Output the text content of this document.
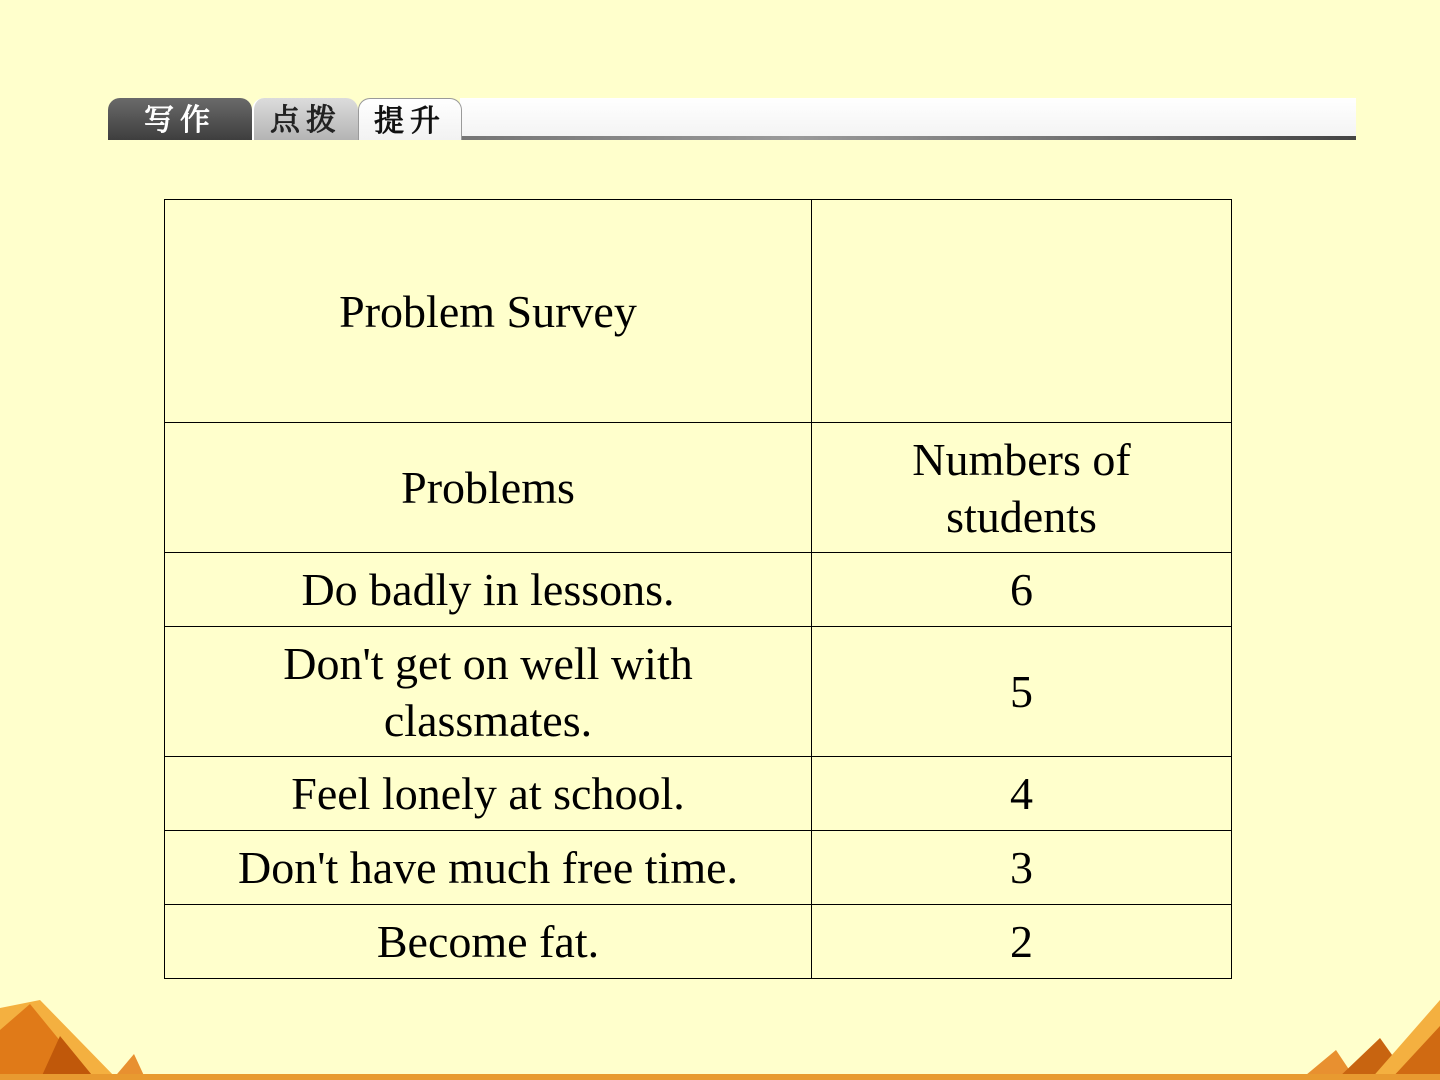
写作	点拨	提升
Problem Survey	
Problems	Numbers of students
Do badly in lessons.	6
Don't get on well with classmates.	5
Feel lonely at school.	4
Don't have much free time.	3
Become fat.	2
